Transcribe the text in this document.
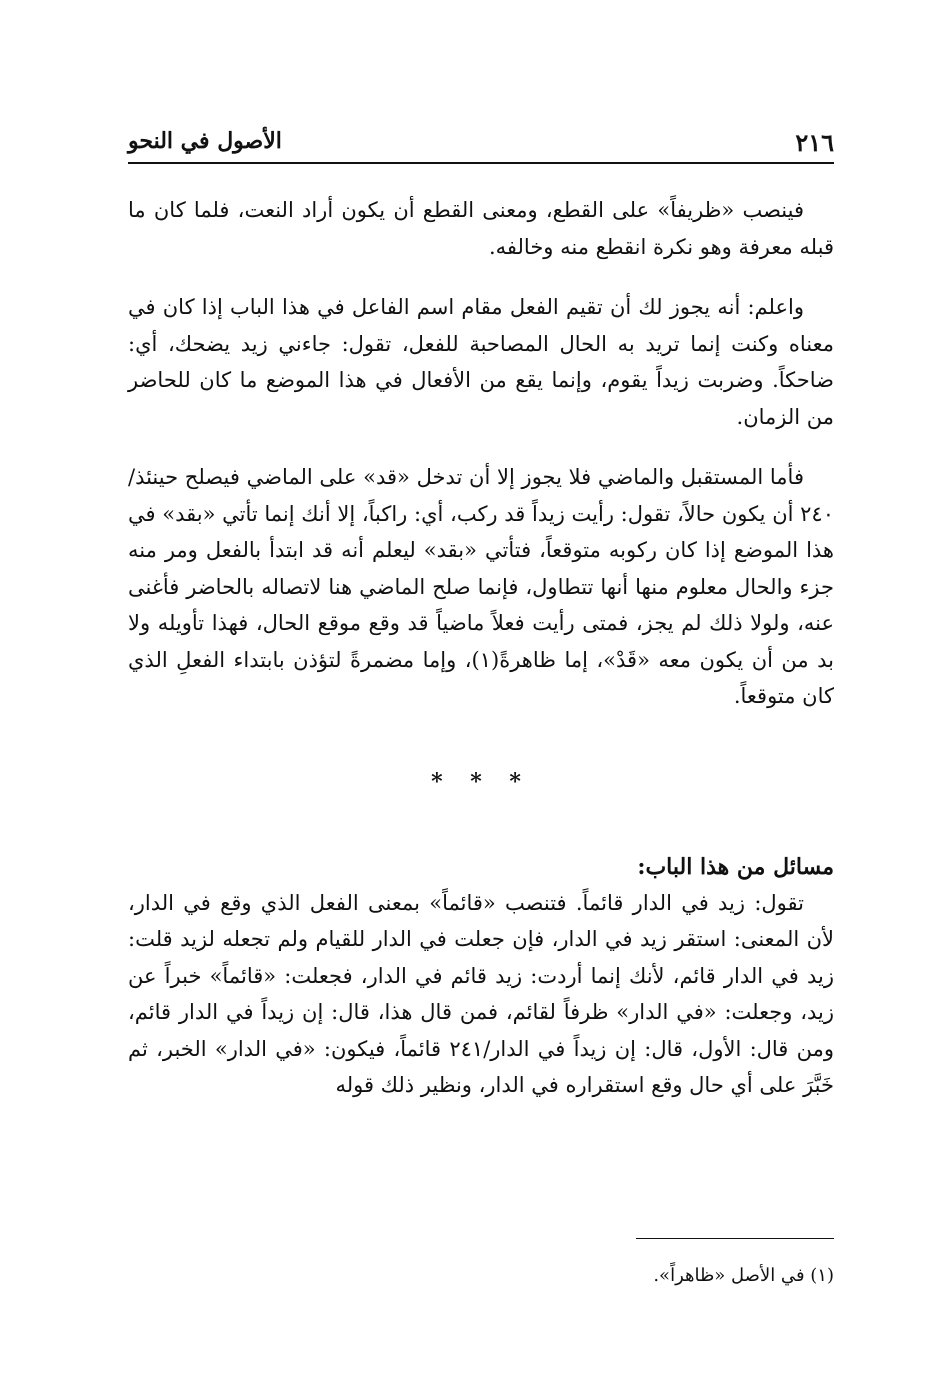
٢١٦
الأصول في النحو

فينصب «ظريفاً» على القطع، ومعنى القطع أن يكون أراد النعت، فلما كان ما قبله معرفة وهو نكرة انقطع منه وخالفه.

واعلم: أنه يجوز لك أن تقيم الفعل مقام اسم الفاعل في هذا الباب إذا كان في معناه وكنت إنما تريد به الحال المصاحبة للفعل، تقول: جاءني زيد يضحك، أي: ضاحكاً. وضربت زيداً يقوم، وإنما يقع من الأفعال في هذا الموضع ما كان للحاضر من الزمان.

فأما المستقبل والماضي فلا يجوز إلا أن تدخل «قد» على الماضي فيصلح حينئذ/٢٤٠ أن يكون حالاً، تقول: رأيت زيداً قد ركب، أي: راكباً، إلا أنك إنما تأتي «بقد» في هذا الموضع إذا كان ركوبه متوقعاً، فتأتي «بقد» ليعلم أنه قد ابتدأ بالفعل ومر منه جزء والحال معلوم منها أنها تتطاول، فإنما صلح الماضي هنا لاتصاله بالحاضر فأغنى عنه، ولولا ذلك لم يجز، فمتى رأيت فعلاً ماضياً قد وقع موقع الحال، فهذا تأويله ولا بد من أن يكون معه «قَدْ»، إما ظاهرةً(١)، وإما مضمرةً لتؤذن بابتداء الفعلِ الذي كان متوقعاً.

* * *

مسائل من هذا الباب:

تقول: زيد في الدار قائماً. فتنصب «قائماً» بمعنى الفعل الذي وقع في الدار، لأن المعنى: استقر زيد في الدار، فإن جعلت في الدار للقيام ولم تجعله لزيد قلت: زيد في الدار قائم، لأنك إنما أردت: زيد قائم في الدار، فجعلت: «قائماً» خبراً عن زيد، وجعلت: «في الدار» ظرفاً لقائم، فمن قال هذا، قال: إن زيداً في الدار قائم، ومن قال: الأول، قال: إن زيداً في الدار/٢٤١ قائماً، فيكون: «في الدار» الخبر، ثم خَبَّرَ على أي حال وقع استقراره في الدار، ونظير ذلك قوله

(١) في الأصل «ظاهراً».
